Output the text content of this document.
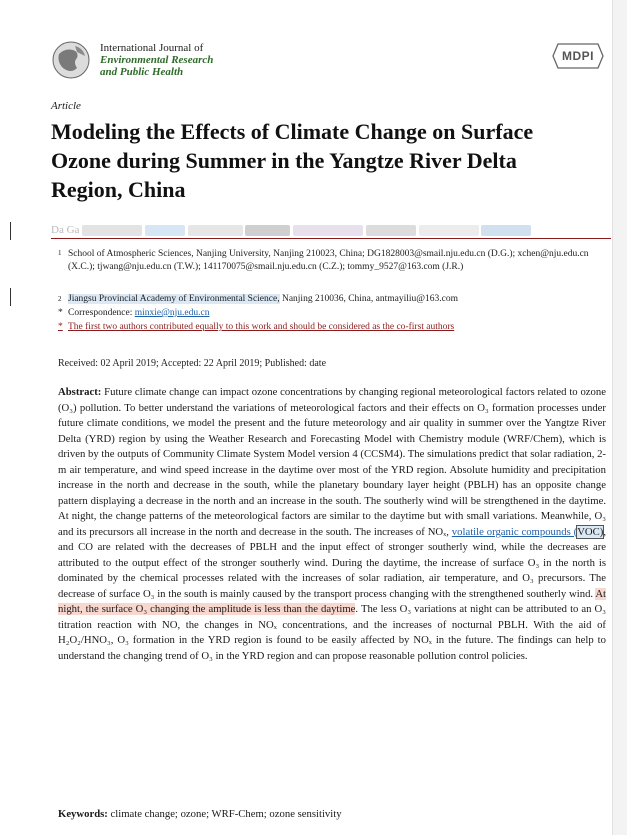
International Journal of
Environmental Research
and Public Health
MDPI
Article
Modeling the Effects of Climate Change on Surface Ozone during Summer in the Yangtze River Delta Region, China
Da Ga
1 School of Atmospheric Sciences, Nanjing University, Nanjing 210023, China; DG1828003@smail.nju.edu.cn (D.G.); xchen@nju.edu.cn (X.C.); tjwang@nju.edu.cn (T.W.); 141170075@smail.nju.edu.cn (C.Z.); tommy_9527@163.com (J.R.)
2 Jiangsu Provincial Academy of Environmental Science, Nanjing 210036, China, antmayiliu@163.com
* Correspondence: minxie@nju.edu.cn
* The first two authors contributed equally to this work and should be considered as the co-first authors
Received: 02 April 2019; Accepted: 22 April 2019; Published: date
Abstract: Future climate change can impact ozone concentrations by changing regional meteorological factors related to ozone (O₃) pollution. To better understand the variations of meteorological factors and their effects on O₃ formation processes under future climate conditions, we model the present and the future meteorology and air quality in summer over the Yangtze River Delta (YRD) region by using the Weather Research and Forecasting Model with Chemistry module (WRF/Chem), which is driven by the outputs of Community Climate System Model version 4 (CCSM4). The simulations predict that solar radiation, 2-m air temperature, and wind speed increase in the daytime over most of the YRD region. Absolute humidity and precipitation increase in the north and decrease in the south, while the planetary boundary layer height (PBLH) has an opposite change pattern displaying a decrease in the north and an increase in the south. The southerly wind will be strengthened in the daytime. At night, the change patterns of the meteorological factors are similar to the daytime but with small variations. Meanwhile, O₃ and its precursors all increase in the north and decrease in the south. The increases of NOₓ, volatile organic compounds (VOC), and CO are related with the decreases of PBLH and the input effect of stronger southerly wind, while the decreases are attributed to the output effect of the stronger southerly wind. During the daytime, the increase of surface O₃ in the north is dominated by the chemical processes related with the increases of solar radiation, air temperature, and O₃ precursors. The decrease of surface O₃ in the south is mainly caused by the transport process changing with the strengthened southerly wind. At night, the surface O₃ changing the amplitude is less than the daytime. The less O₃ variations at night can be attributed to an O₃ titration reaction with NO, the changes in NOₓ concentrations, and the increases of nocturnal PBLH. With the aid of H₂O₂/HNO₃, O₃ formation in the YRD region is found to be easily affected by NOₓ in the future. The findings can help to understand the changing trend of O₃ in the YRD region and can propose reasonable pollution control policies.
Keywords: climate change; ozone; WRF-Chem; ozone sensitivity
